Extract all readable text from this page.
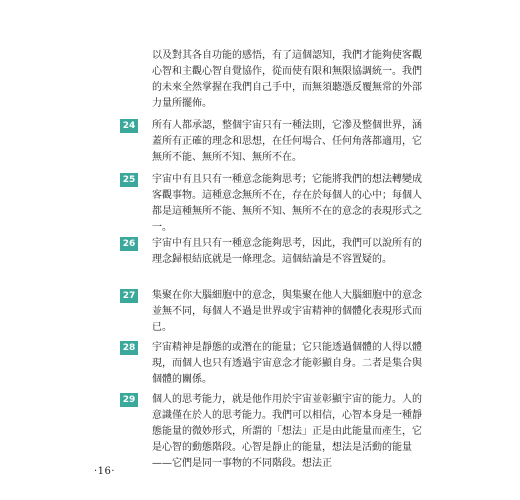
以及對其各自功能的感悟，有了這個認知，我們才能夠使客觀心智和主觀心智自覺協作，從而使有限和無限協調統一。我們的未來全然掌握在我們自己手中，而無須聽憑反覆無常的外部力量所擺佈。

24 所有人都承認，整個宇宙只有一種法則，它滲及整個世界，涵蓋所有正確的理念和思想，在任何場合、任何角落都適用，它無所不能、無所不知、無所不在。

25 宇宙中有且只有一種意念能夠思考；它能將我們的想法轉變成客觀事物。這種意念無所不在，存在於每個人的心中；每個人都是這種無所不能、無所不知、無所不在的意念的表現形式之一。

26 宇宙中有且只有一種意念能夠思考，因此，我們可以說所有的理念歸根結底就是一條理念。這個結論是不容置疑的。

27 集聚在你大腦細胞中的意念，與集聚在他人大腦細胞中的意念並無不同，每個人不過是世界或宇宙精神的個體化表現形式而已。

28 宇宙精神是靜態的或潛在的能量；它只能透過個體的人得以體現，而個人也只有透過宇宙意念才能彰顯自身。二者是集合與個體的關係。

29 個人的思考能力，就是他作用於宇宙並彰顯宇宙的能力。人的意識僅在於人的思考能力。我們可以相信，心智本身是一種靜態能量的微妙形式，所謂的「想法」正是由此能量而產生，它是心智的動態階段。心智是靜止的能量，想法是活動的能量——它們是同一事物的不同階段。想法正

·16·
